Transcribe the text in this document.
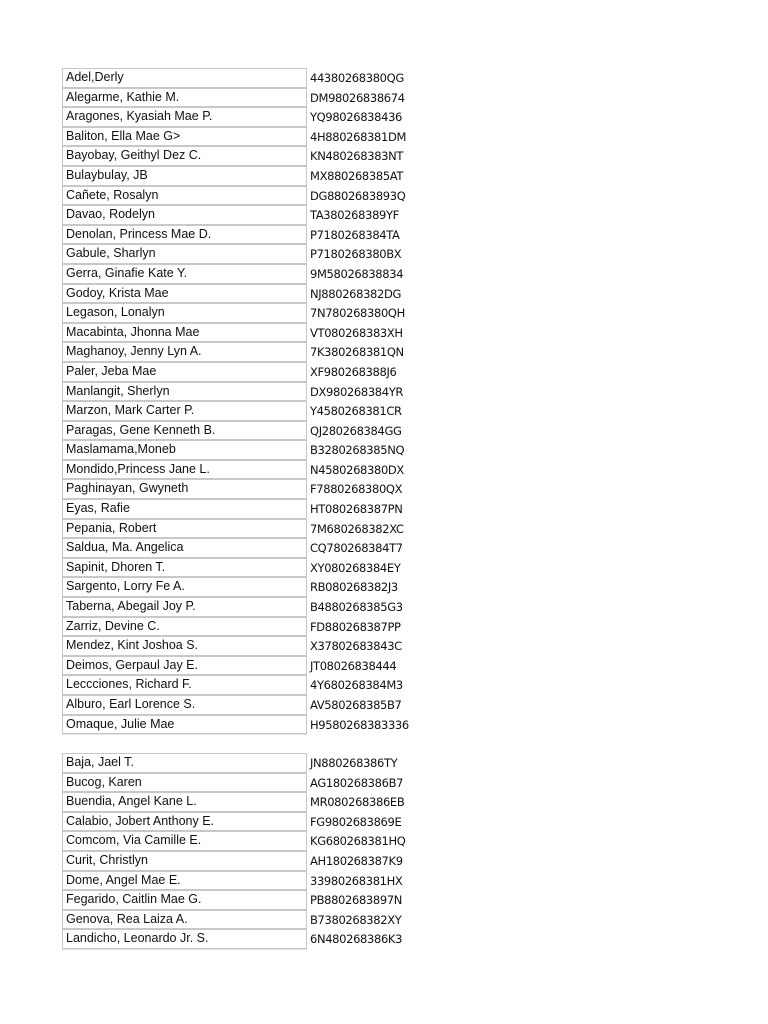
Adel,Derly	44380268380QG
Alegarme, Kathie M.	DM98026838674
Aragones, Kyasiah Mae P.	YQ98026838436
Baliton, Ella Mae G>	4H880268381DM
Bayobay, Geithyl Dez C.	KN480268383NT
Bulaybulay, JB	MX880268385AT
Cañete, Rosalyn	DG8802683893Q
Davao, Rodelyn	TA380268389YF
Denolan, Princess Mae D.	P7180268384TA
Gabule, Sharlyn	P7180268380BX
Gerra, Ginafie Kate Y.	9M58026838834
Godoy, Krista Mae	NJ880268382DG
Legason, Lonalyn	7N780268380QH
Macabinta, Jhonna Mae	VT080268383XH
Maghanoy, Jenny Lyn A.	7K380268381QN
Paler, Jeba Mae	XF980268388J6
Manlangit, Sherlyn	DX980268384YR
Marzon, Mark Carter P.	Y4580268381CR
Paragas, Gene Kenneth B.	QJ280268384GG
Maslamama,Moneb	B3280268385NQ
Mondido,Princess Jane L.	N4580268380DX
Paghinayan, Gwyneth	F7880268380QX
Eyas, Rafie	HT080268387PN
Pepania, Robert	7M680268382XC
Saldua, Ma. Angelica	CQ780268384T7
Sapinit, Dhoren T.	XY080268384EY
Sargento, Lorry Fe A.	RB080268382J3
Taberna, Abegail Joy P.	B4880268385G3
Zarriz, Devine C.	FD880268387PP
Mendez, Kint Joshoa S.	X37802683843C
Deimos, Gerpaul Jay E.	JT08026838444
Leccciones, Richard F.	4Y680268384M3
Alburo, Earl Lorence S.	AV580268385B7
Omaque, Julie Mae	H9580268383336
Baja, Jael T.	JN880268386TY
Bucog, Karen	AG180268386B7
Buendia, Angel Kane L.	MR080268386EB
Calabio, Jobert Anthony E.	FG9802683869E
Comcom, Via Camille E.	KG680268381HQ
Curit, Christlyn	AH180268387K9
Dome, Angel Mae E.	33980268381HX
Fegarido, Caitlin Mae G.	PB8802683897N
Genova, Rea Laiza A.	B7380268382XY
Landicho, Leonardo Jr. S.	6N480268386K3
